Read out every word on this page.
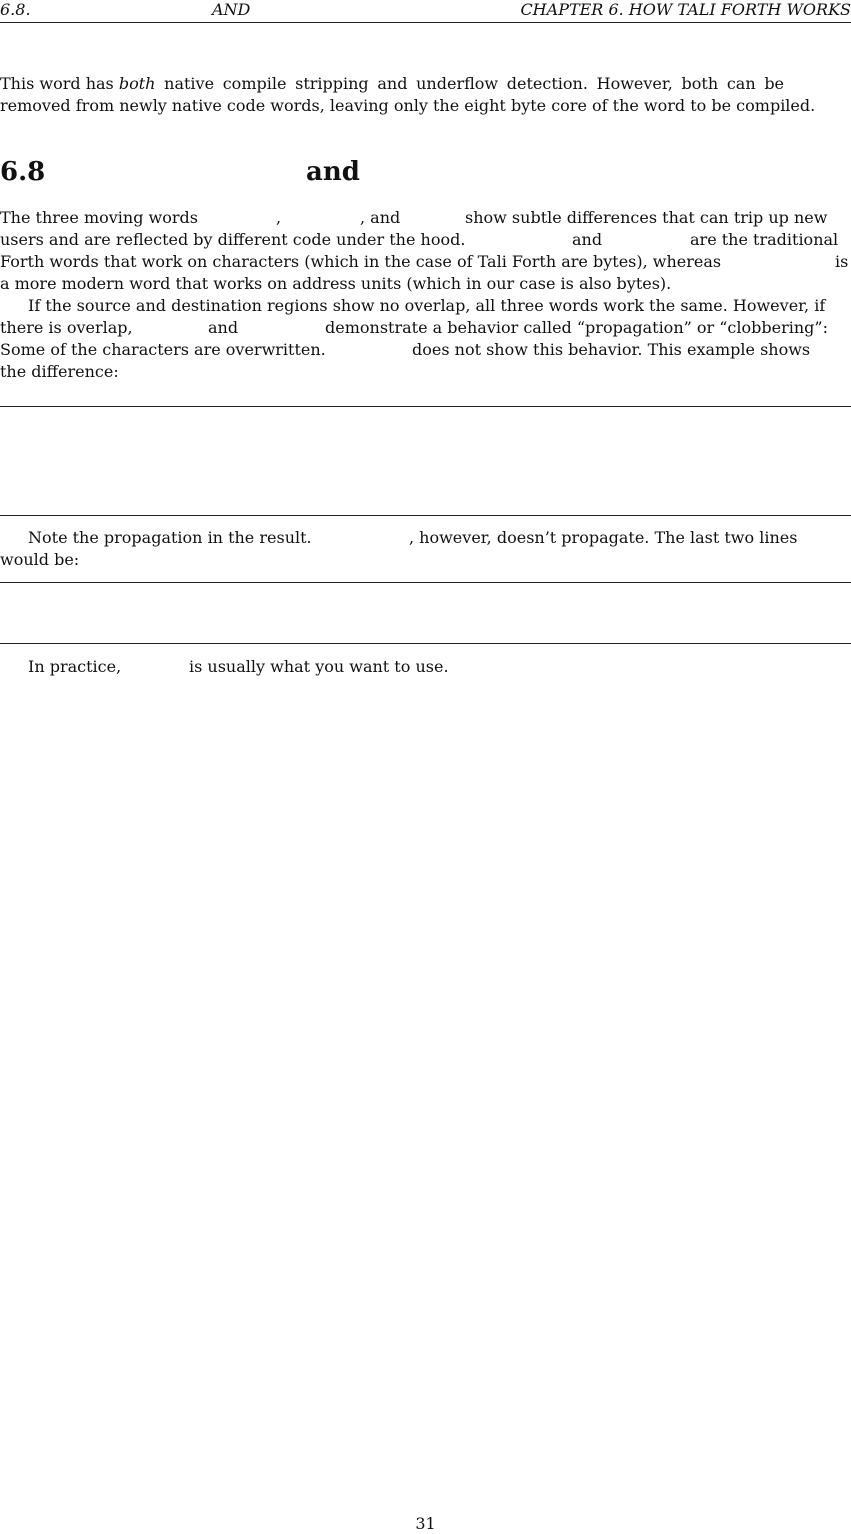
6.8.	AND	CHAPTER 6. HOW TALI FORTH WORKS
This word has both native compile stripping and underflow detection. However, both can be
removed from newly native code words, leaving only the eight byte core of the word to be compiled.
6.8	and
The three moving words	,	, and	show subtle differences that can trip up new
users and are reflected by different code under the hood.	and	are the traditional
Forth words that work on characters (which in the case of Tali Forth are bytes), whereas	is
a more modern word that works on address units (which in our case is also bytes).
If the source and destination regions show no overlap, all three words work the same. However, if
there is overlap,	and	demonstrate a behavior called “propagation” or “clobbering”:
Some of the characters are overwritten.	does not show this behavior. This example shows
the difference:
Note the propagation in the result.	, however, doesn’t propagate. The last two lines
would be:
In practice,	is usually what you want to use.
31
